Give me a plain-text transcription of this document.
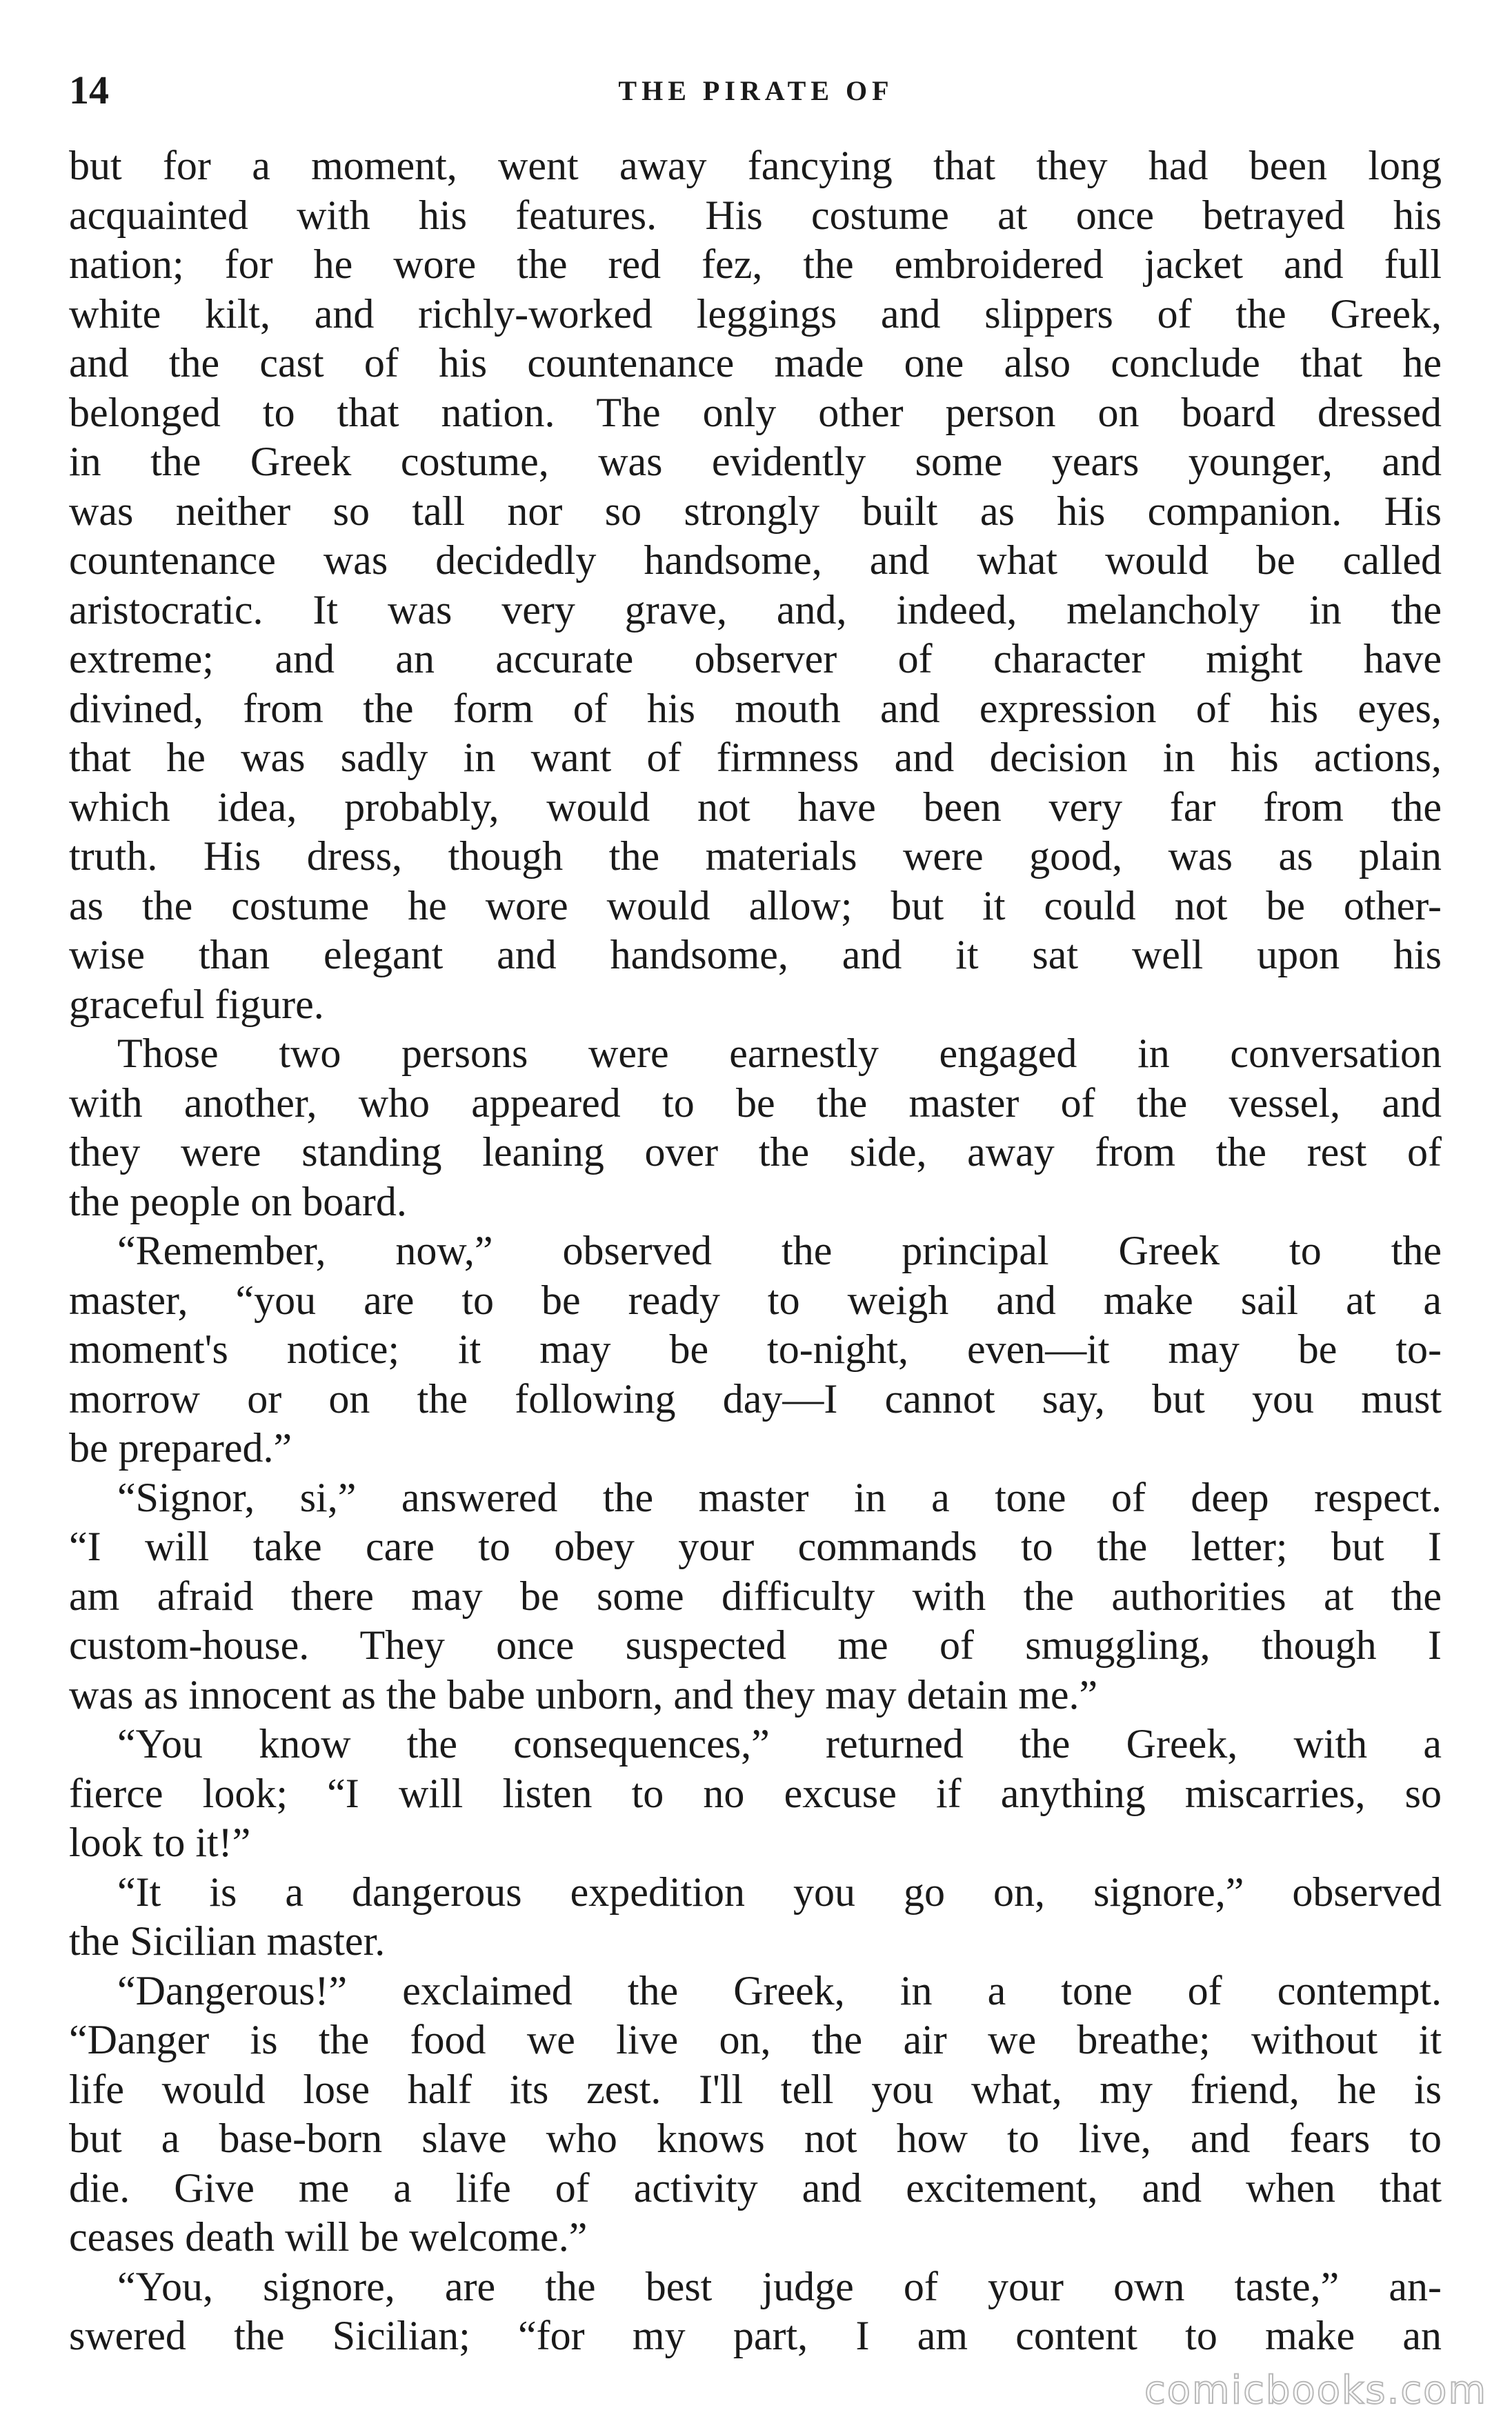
14	THE PIRATE OF
but for a moment, went away fancying that they had been long
acquainted with his features. His costume at once betrayed his
nation; for he wore the red fez, the embroidered jacket and full
white kilt, and richly-worked leggings and slippers of the Greek,
and the cast of his countenance made one also conclude that he
belonged to that nation. The only other person on board dressed
in the Greek costume, was evidently some years younger, and
was neither so tall nor so strongly built as his companion. His
countenance was decidedly handsome, and what would be called
aristocratic. It was very grave, and, indeed, melancholy in the
extreme; and an accurate observer of character might have
divined, from the form of his mouth and expression of his eyes,
that he was sadly in want of firmness and decision in his actions,
which idea, probably, would not have been very far from the
truth. His dress, though the materials were good, was as plain
as the costume he wore would allow; but it could not be other-
wise than elegant and handsome, and it sat well upon his
graceful figure.
Those two persons were earnestly engaged in conversation
with another, who appeared to be the master of the vessel, and
they were standing leaning over the side, away from the rest of
the people on board.
“Remember, now,” observed the principal Greek to the
master, “you are to be ready to weigh and make sail at a
moment's notice; it may be to-night, even—it may be to-
morrow or on the following day—I cannot say, but you must
be prepared.”
“Signor, si,” answered the master in a tone of deep respect.
“I will take care to obey your commands to the letter; but I
am afraid there may be some difficulty with the authorities at the
custom-house. They once suspected me of smuggling, though I
was as innocent as the babe unborn, and they may detain me.”
“You know the consequences,” returned the Greek, with a
fierce look; “I will listen to no excuse if anything miscarries, so
look to it!”
“It is a dangerous expedition you go on, signore,” observed
the Sicilian master.
“Dangerous!” exclaimed the Greek, in a tone of contempt.
“Danger is the food we live on, the air we breathe; without it
life would lose half its zest. I'll tell you what, my friend, he is
but a base-born slave who knows not how to live, and fears to
die. Give me a life of activity and excitement, and when that
ceases death will be welcome.”
“You, signore, are the best judge of your own taste,” an-
swered the Sicilian; “for my part, I am content to make an
comicbooks.com
